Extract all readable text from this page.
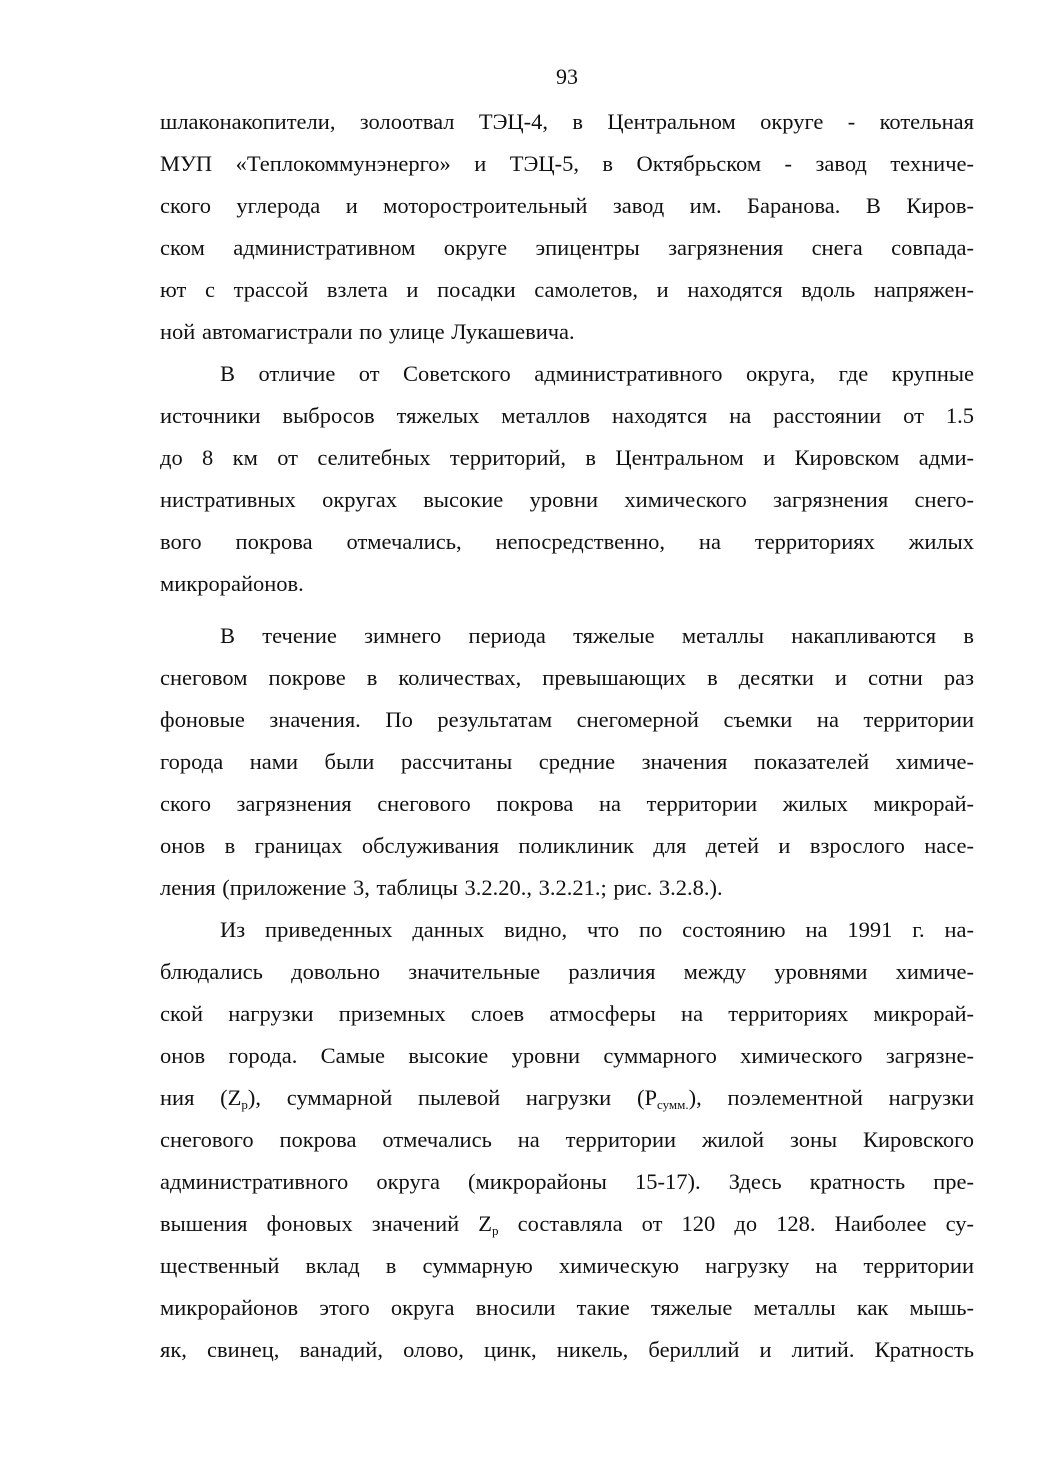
93
шлаконакопители, золоотвал ТЭЦ-4, в Центральном округе - котельная
МУП «Теплокоммунэнерго» и ТЭЦ-5, в Октябрьском - завод техниче-
ского углерода и моторостроительный завод им. Баранова. В Киров-
ском административном округе эпицентры загрязнения снега совпада-
ют с трассой взлета и посадки самолетов, и находятся вдоль напряжен-
ной автомагистрали по улице Лукашевича.
В отличие от Советского административного округа, где крупные
источники выбросов тяжелых металлов находятся на расстоянии от 1.5
до 8 км от селитебных территорий, в Центральном и Кировском адми-
нистративных округах высокие уровни химического загрязнения снего-
вого покрова отмечались, непосредственно, на территориях жилых
микрорайонов.
В течение зимнего периода тяжелые металлы накапливаются в
снеговом покрове в количествах, превышающих в десятки и сотни раз
фоновые значения. По результатам снегомерной съемки на территории
города нами были рассчитаны средние значения показателей химиче-
ского загрязнения снегового покрова на территории жилых микрорай-
онов в границах обслуживания поликлиник для детей и взрослого насе-
ления (приложение 3, таблицы 3.2.20., 3.2.21.; рис. 3.2.8.).
Из приведенных данных видно, что по состоянию на 1991 г. на-
блюдались довольно значительные различия между уровнями химиче-
ской нагрузки приземных слоев атмосферы на территориях микрорай-
онов города. Самые высокие уровни суммарного химического загрязне-
ния $(Z_p)$, суммарной пылевой нагрузки $(P_{сумм.})$, поэлементной нагрузки
снегового покрова отмечались на территории жилой зоны Кировского
административного округа (микрорайоны 15-17). Здесь кратность пре-
вышения фоновых значений $Z_p$ составляла от 120 до 128. Наиболее су-
щественный вклад в суммарную химическую нагрузку на территории
микрорайонов этого округа вносили такие тяжелые металлы как мышь-
як, свинец, ванадий, олово, цинк, никель, бериллий и литий. Кратность
